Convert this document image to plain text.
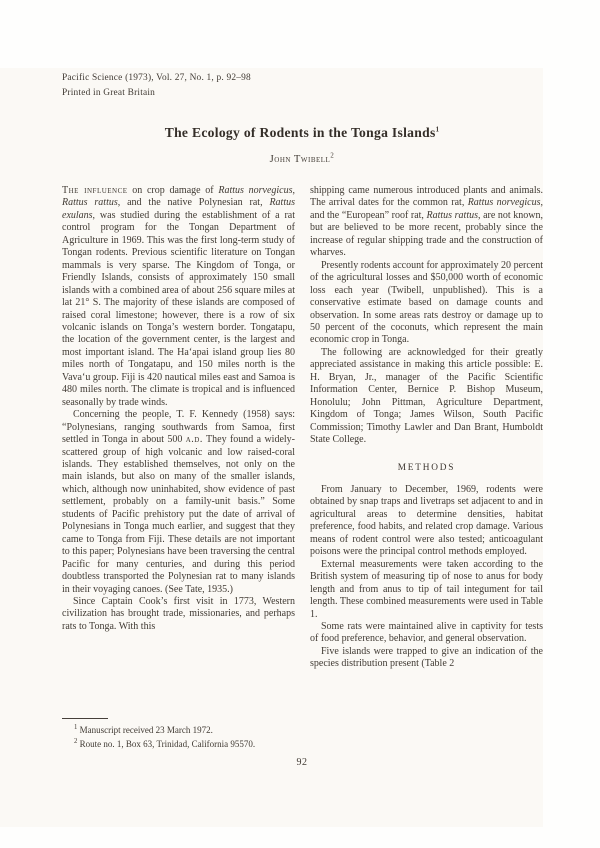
Pacific Science (1973), Vol. 27, No. 1, p. 92–98
Printed in Great Britain
The Ecology of Rodents in the Tonga Islands$^1$
John Twibell$^2$

The influence on crop damage of Rattus norvegicus, Rattus rattus, and the native Polynesian rat, Rattus exulans, was studied during the establishment of a rat control program for the Tongan Department of Agriculture in 1969. This was the first long-term study of Tongan rodents. Previous scientific literature on Tongan mammals is very sparse. The Kingdom of Tonga, or Friendly Islands, consists of approximately 150 small islands with a combined area of about 256 square miles at lat 21° S. The majority of these islands are composed of raised coral limestone; however, there is a row of six volcanic islands on Tonga’s western border. Tongatapu, the location of the government center, is the largest and most important island. The Ha‘apai island group lies 80 miles north of Tongatapu, and 150 miles north is the Vava‘u group. Fiji is 420 nautical miles east and Samoa is 480 miles north. The climate is tropical and is influenced seasonally by trade winds.

Concerning the people, T. F. Kennedy (1958) says: “Polynesians, ranging southwards from Samoa, first settled in Tonga in about 500 a.d. They found a widely-scattered group of high volcanic and low raised-coral islands. They established themselves, not only on the main islands, but also on many of the smaller islands, which, although now uninhabited, show evidence of past settlement, probably on a family-unit basis.” Some students of Pacific prehistory put the date of arrival of Polynesians in Tonga much earlier, and suggest that they came to Tonga from Fiji. These details are not important to this paper; Polynesians have been traversing the central Pacific for many centuries, and during this period doubtless transported the Polynesian rat to many islands in their voyaging canoes. (See Tate, 1935.)

Since Captain Cook’s first visit in 1773, Western civilization has brought trade, missionaries, and perhaps rats to Tonga. With this

shipping came numerous introduced plants and animals. The arrival dates for the common rat, Rattus norvegicus, and the “European” roof rat, Rattus rattus, are not known, but are believed to be more recent, probably since the increase of regular shipping trade and the construction of wharves.

Presently rodents account for approximately 20 percent of the agricultural losses and $50,000 worth of economic loss each year (Twibell, unpublished). This is a conservative estimate based on damage counts and observation. In some areas rats destroy or damage up to 50 percent of the coconuts, which represent the main economic crop in Tonga.

The following are acknowledged for their greatly appreciated assistance in making this article possible: E. H. Bryan, Jr., manager of the Pacific Scientific Information Center, Bernice P. Bishop Museum, Honolulu; John Pittman, Agriculture Department, Kingdom of Tonga; James Wilson, South Pacific Commission; Timothy Lawler and Dan Brant, Humboldt State College.

METHODS

From January to December, 1969, rodents were obtained by snap traps and livetraps set adjacent to and in agricultural areas to determine densities, habitat preference, food habits, and related crop damage. Various means of rodent control were also tested; anticoagulant poisons were the principal control methods employed.

External measurements were taken according to the British system of measuring tip of nose to anus for body length and from anus to tip of tail integument for tail length. These combined measurements were used in Table 1.

Some rats were maintained alive in captivity for tests of food preference, behavior, and general observation.

Five islands were trapped to give an indication of the species distribution present (Table 2

$^1$ Manuscript received 23 March 1972.

$^2$ Route no. 1, Box 63, Trinidad, California 95570.

92
